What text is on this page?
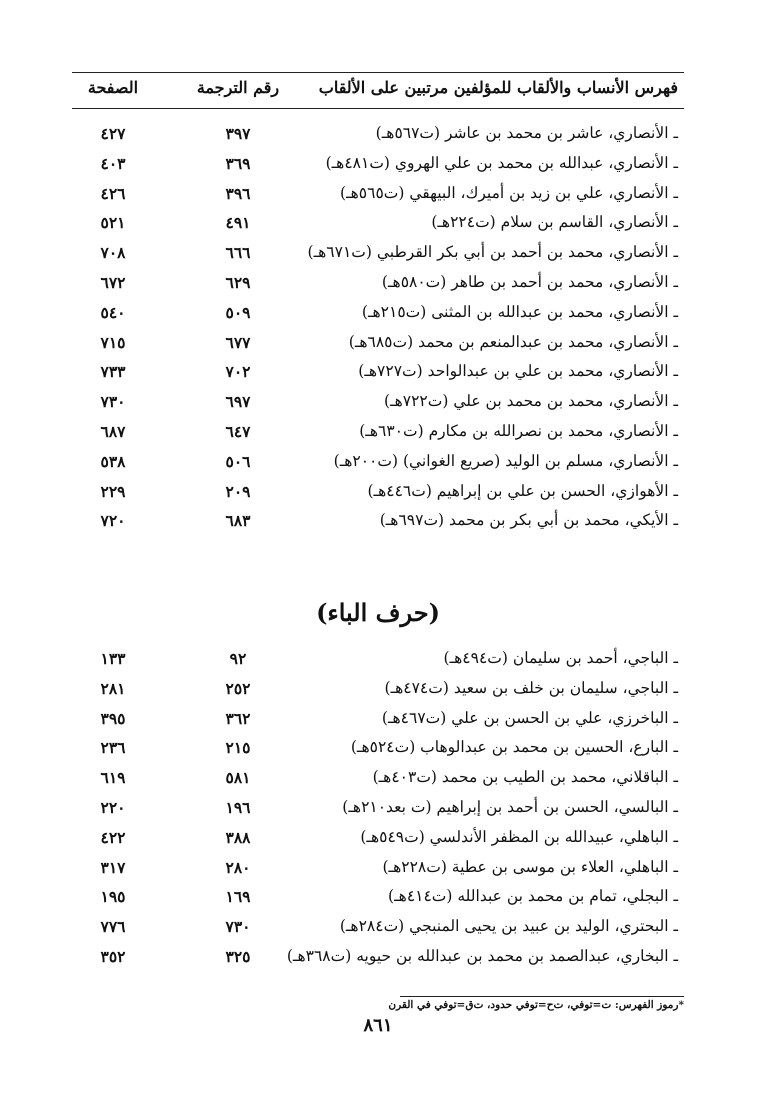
فهرس الأنساب والألقاب للمؤلفين مرتبين على الألقاب
رقم الترجمة
الصفحة
ـ الأنصاري، عاشر بن محمد بن عاشر (ت٥٦٧هـ)
٣٩٧
٤٢٧
ـ الأنصاري، عبدالله بن محمد بن علي الهروي (ت٤٨١هـ)
٣٦٩
٤٠٣
ـ الأنصاري، علي بن زيد بن أميرك، البيهقي (ت٥٦٥هـ)
٣٩٦
٤٢٦
ـ الأنصاري، القاسم بن سلام (ت٢٢٤هـ)
٤٩١
٥٢١
ـ الأنصاري، محمد بن أحمد بن أبي بكر القرطبي (ت٦٧١هـ)
٦٦٦
٧٠٨
ـ الأنصاري، محمد بن أحمد بن طاهر (ت٥٨٠هـ)
٦٢٩
٦٧٢
ـ الأنصاري، محمد بن عبدالله بن المثنى (ت٢١٥هـ)
٥٠٩
٥٤٠
ـ الأنصاري، محمد بن عبدالمنعم بن محمد (ت٦٨٥هـ)
٦٧٧
٧١٥
ـ الأنصاري، محمد بن علي بن عبدالواحد (ت٧٢٧هـ)
٧٠٢
٧٣٣
ـ الأنصاري، محمد بن محمد بن علي (ت٧٢٢هـ)
٦٩٧
٧٣٠
ـ الأنصاري، محمد بن نصرالله بن مكارم (ت٦٣٠هـ)
٦٤٧
٦٨٧
ـ الأنصاري، مسلم بن الوليد (صريع الغواني) (ت٢٠٠هـ)
٥٠٦
٥٣٨
ـ الأهوازي، الحسن بن علي بن إبراهيم (ت٤٤٦هـ)
٢٠٩
٢٢٩
ـ الأيكي، محمد بن أبي بكر بن محمد (ت٦٩٧هـ)
٦٨٣
٧٢٠
(حرف الباء)
ـ الباجي، أحمد بن سليمان (ت٤٩٤هـ)
٩٢
١٣٣
ـ الباجي، سليمان بن خلف بن سعيد (ت٤٧٤هـ)
٢٥٢
٢٨١
ـ الباخرزي، علي بن الحسن بن علي (ت٤٦٧هـ)
٣٦٢
٣٩٥
ـ البارع، الحسين بن محمد بن عبدالوهاب (ت٥٢٤هـ)
٢١٥
٢٣٦
ـ الباقلاني، محمد بن الطيب بن محمد (ت٤٠٣هـ)
٥٨١
٦١٩
ـ البالسي، الحسن بن أحمد بن إبراهيم (ت بعد٢١٠هـ)
١٩٦
٢٢٠
ـ الباهلي، عبيدالله بن المظفر الأندلسي (ت٥٤٩هـ)
٣٨٨
٤٢٢
ـ الباهلي، العلاء بن موسى بن عطية (ت٢٢٨هـ)
٢٨٠
٣١٧
ـ البجلي، تمام بن محمد بن عبدالله (ت٤١٤هـ)
١٦٩
١٩٥
ـ البحتري، الوليد بن عبيد بن يحيى المنبجي (ت٢٨٤هـ)
٧٣٠
٧٧٦
ـ البخاري، عبدالصمد بن محمد بن عبدالله بن حيويه (ت٣٦٨هـ)
٣٢٥
٣٥٢
*رموز الفهرس: ت=توفي، ت‌ح=توفي حدود، ت‌ق=توفي في القرن
٨٦١
